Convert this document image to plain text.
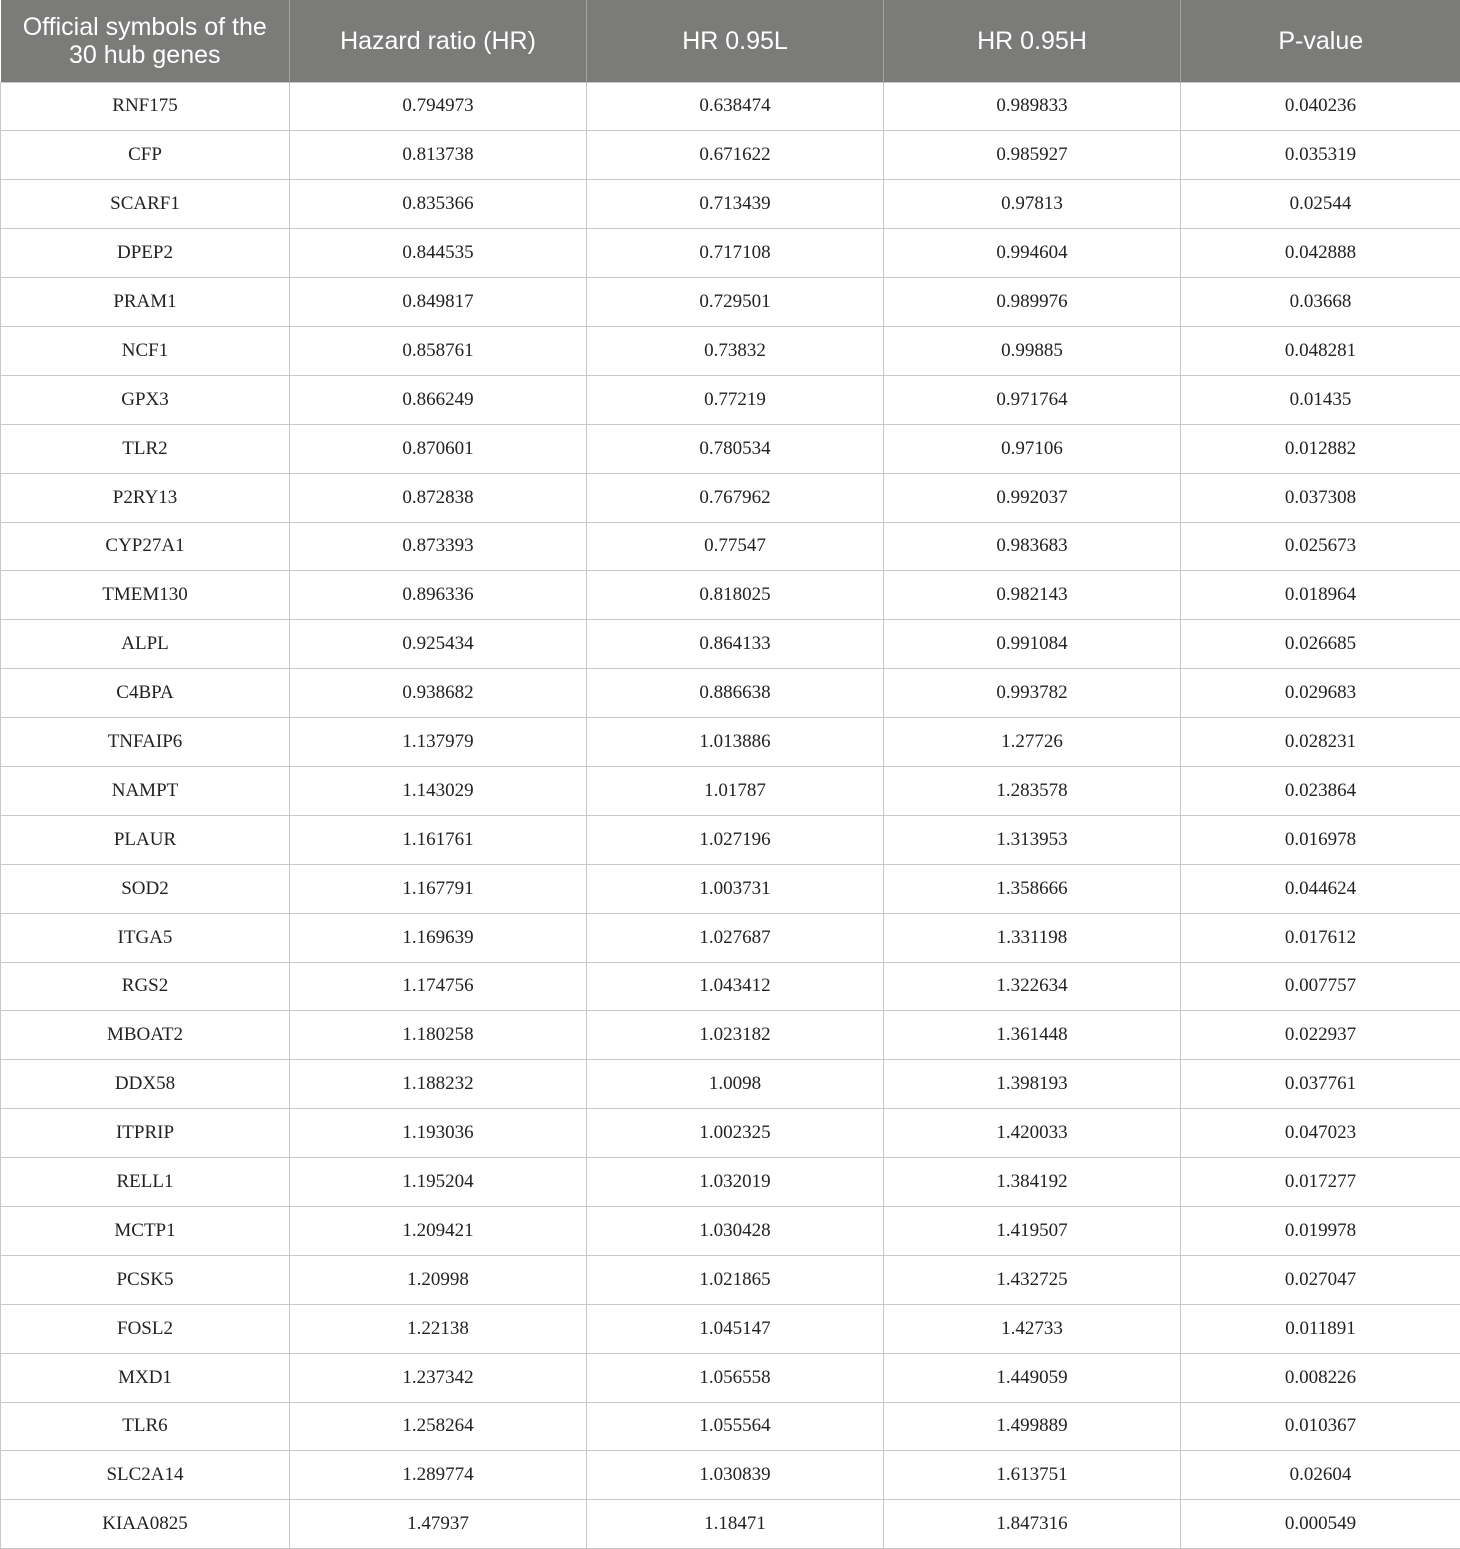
Official symbols of the 30 hub genes	Hazard ratio (HR)	HR 0.95L	HR 0.95H	P-value
RNF175	0.794973	0.638474	0.989833	0.040236
CFP	0.813738	0.671622	0.985927	0.035319
SCARF1	0.835366	0.713439	0.97813	0.02544
DPEP2	0.844535	0.717108	0.994604	0.042888
PRAM1	0.849817	0.729501	0.989976	0.03668
NCF1	0.858761	0.73832	0.99885	0.048281
GPX3	0.866249	0.77219	0.971764	0.01435
TLR2	0.870601	0.780534	0.97106	0.012882
P2RY13	0.872838	0.767962	0.992037	0.037308
CYP27A1	0.873393	0.77547	0.983683	0.025673
TMEM130	0.896336	0.818025	0.982143	0.018964
ALPL	0.925434	0.864133	0.991084	0.026685
C4BPA	0.938682	0.886638	0.993782	0.029683
TNFAIP6	1.137979	1.013886	1.27726	0.028231
NAMPT	1.143029	1.01787	1.283578	0.023864
PLAUR	1.161761	1.027196	1.313953	0.016978
SOD2	1.167791	1.003731	1.358666	0.044624
ITGA5	1.169639	1.027687	1.331198	0.017612
RGS2	1.174756	1.043412	1.322634	0.007757
MBOAT2	1.180258	1.023182	1.361448	0.022937
DDX58	1.188232	1.0098	1.398193	0.037761
ITPRIP	1.193036	1.002325	1.420033	0.047023
RELL1	1.195204	1.032019	1.384192	0.017277
MCTP1	1.209421	1.030428	1.419507	0.019978
PCSK5	1.20998	1.021865	1.432725	0.027047
FOSL2	1.22138	1.045147	1.42733	0.011891
MXD1	1.237342	1.056558	1.449059	0.008226
TLR6	1.258264	1.055564	1.499889	0.010367
SLC2A14	1.289774	1.030839	1.613751	0.02604
KIAA0825	1.47937	1.18471	1.847316	0.000549
